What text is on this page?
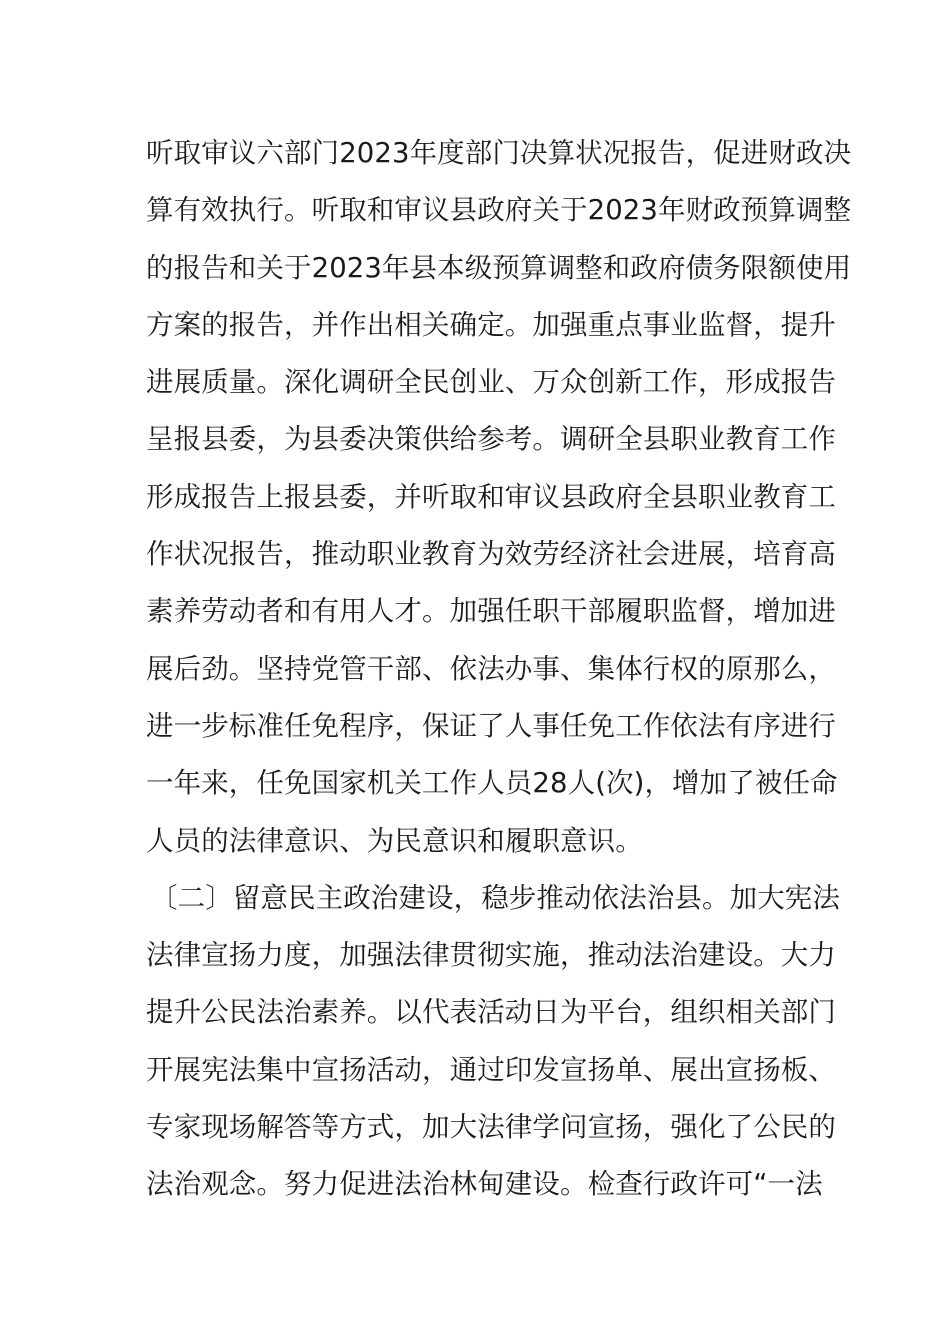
听取审议六部门2023年度部门决算状况报告，促进财政决
算有效执行。听取和审议县政府关于2023年财政预算调整
的报告和关于2023年县本级预算调整和政府债务限额使用
方案的报告，并作出相关确定。加强重点事业监督，提升
进展质量。深化调研全民创业、万众创新工作，形成报告
呈报县委，为县委决策供给参考。调研全县职业教育工作
形成报告上报县委，并听取和审议县政府全县职业教育工
作状况报告，推动职业教育为效劳经济社会进展，培育高
素养劳动者和有用人才。加强任职干部履职监督，增加进
展后劲。坚持党管干部、依法办事、集体行权的原那么，
进一步标准任免程序，保证了人事任免工作依法有序进行
一年来，任免国家机关工作人员28人(次)，增加了被任命
人员的法律意识、为民意识和履职意识。
〔二〕留意民主政治建设，稳步推动依法治县。加大宪法
法律宣扬力度，加强法律贯彻实施，推动法治建设。大力
提升公民法治素养。以代表活动日为平台，组织相关部门
开展宪法集中宣扬活动，通过印发宣扬单、展出宣扬板、
专家现场解答等方式，加大法律学问宣扬，强化了公民的
法治观念。努力促进法治林甸建设。检查行政许可“一法
